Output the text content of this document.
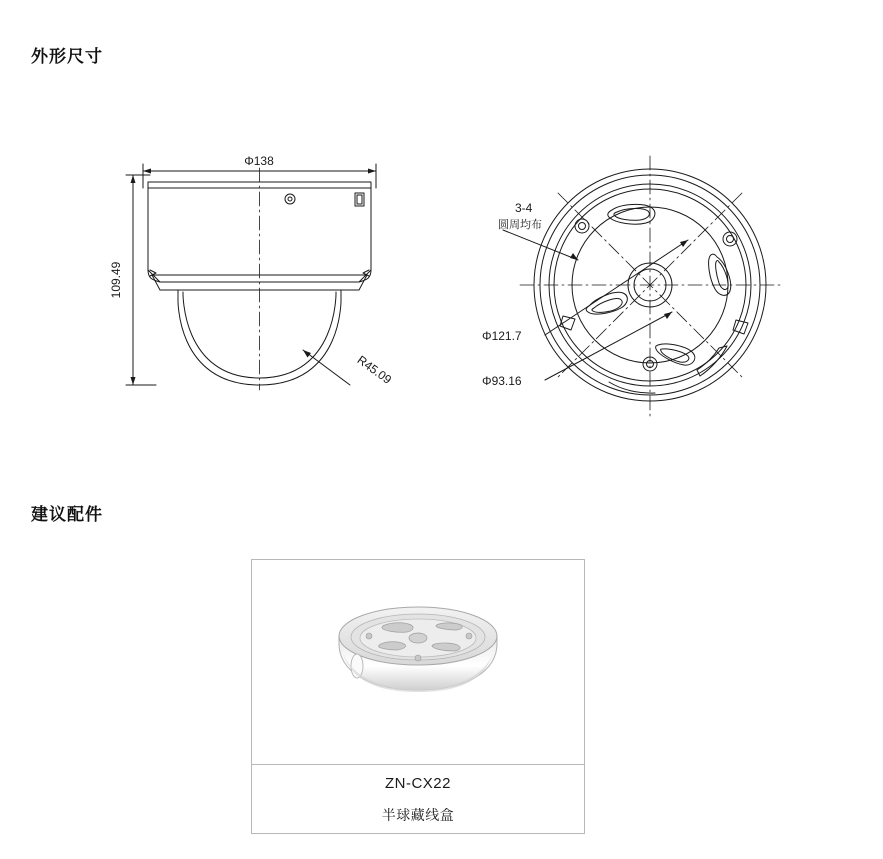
外形尺寸
Φ138
109.49
R45.09
3-4
圆周均布
Φ121.7
Φ93.16
建议配件
ZN-CX22
半球藏线盒
